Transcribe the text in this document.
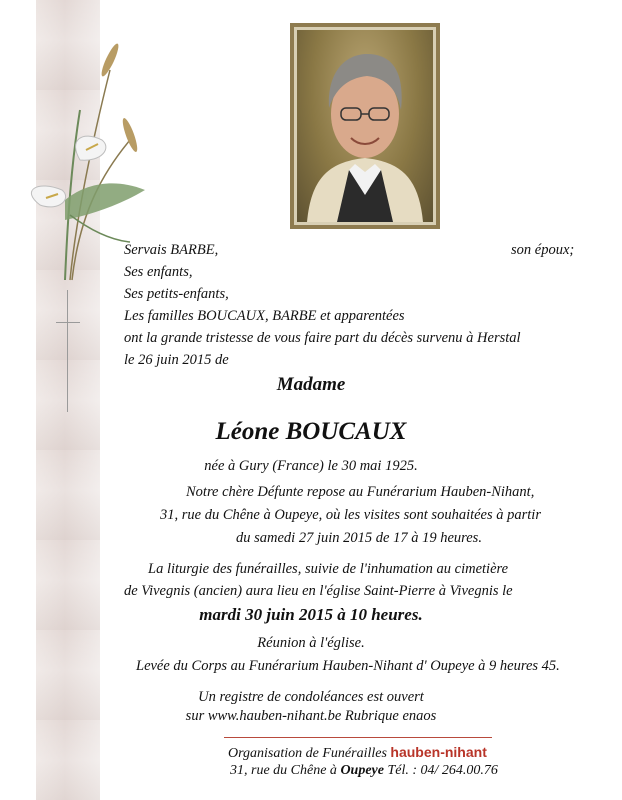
Servais BARBE,	son époux;
Ses enfants,
Ses petits-enfants,
Les familles BOUCAUX, BARBE et apparentées
ont la grande tristesse de vous faire part du décès survenu à Herstal
le 26 juin 2015 de
Madame
Léone BOUCAUX
née à Gury (France) le 30 mai 1925.
Notre chère Défunte repose au Funérarium Hauben-Nihant,
31, rue du Chêne à Oupeye, où les visites sont souhaitées à partir
du samedi 27 juin 2015 de 17 à 19 heures.
La liturgie des funérailles, suivie de l'inhumation au cimetière
de Vivegnis (ancien) aura lieu en l'église Saint-Pierre à Vivegnis le
mardi 30 juin 2015 à 10 heures.
Réunion à l'église.
Levée du Corps au Funérarium Hauben-Nihant d' Oupeye à 9 heures 45.
Un registre de condoléances est ouvert
sur www.hauben-nihant.be Rubrique enaos
Organisation de Funérailles hauben-nihant
31, rue du Chêne à Oupeye Tél. : 04/ 264.00.76
